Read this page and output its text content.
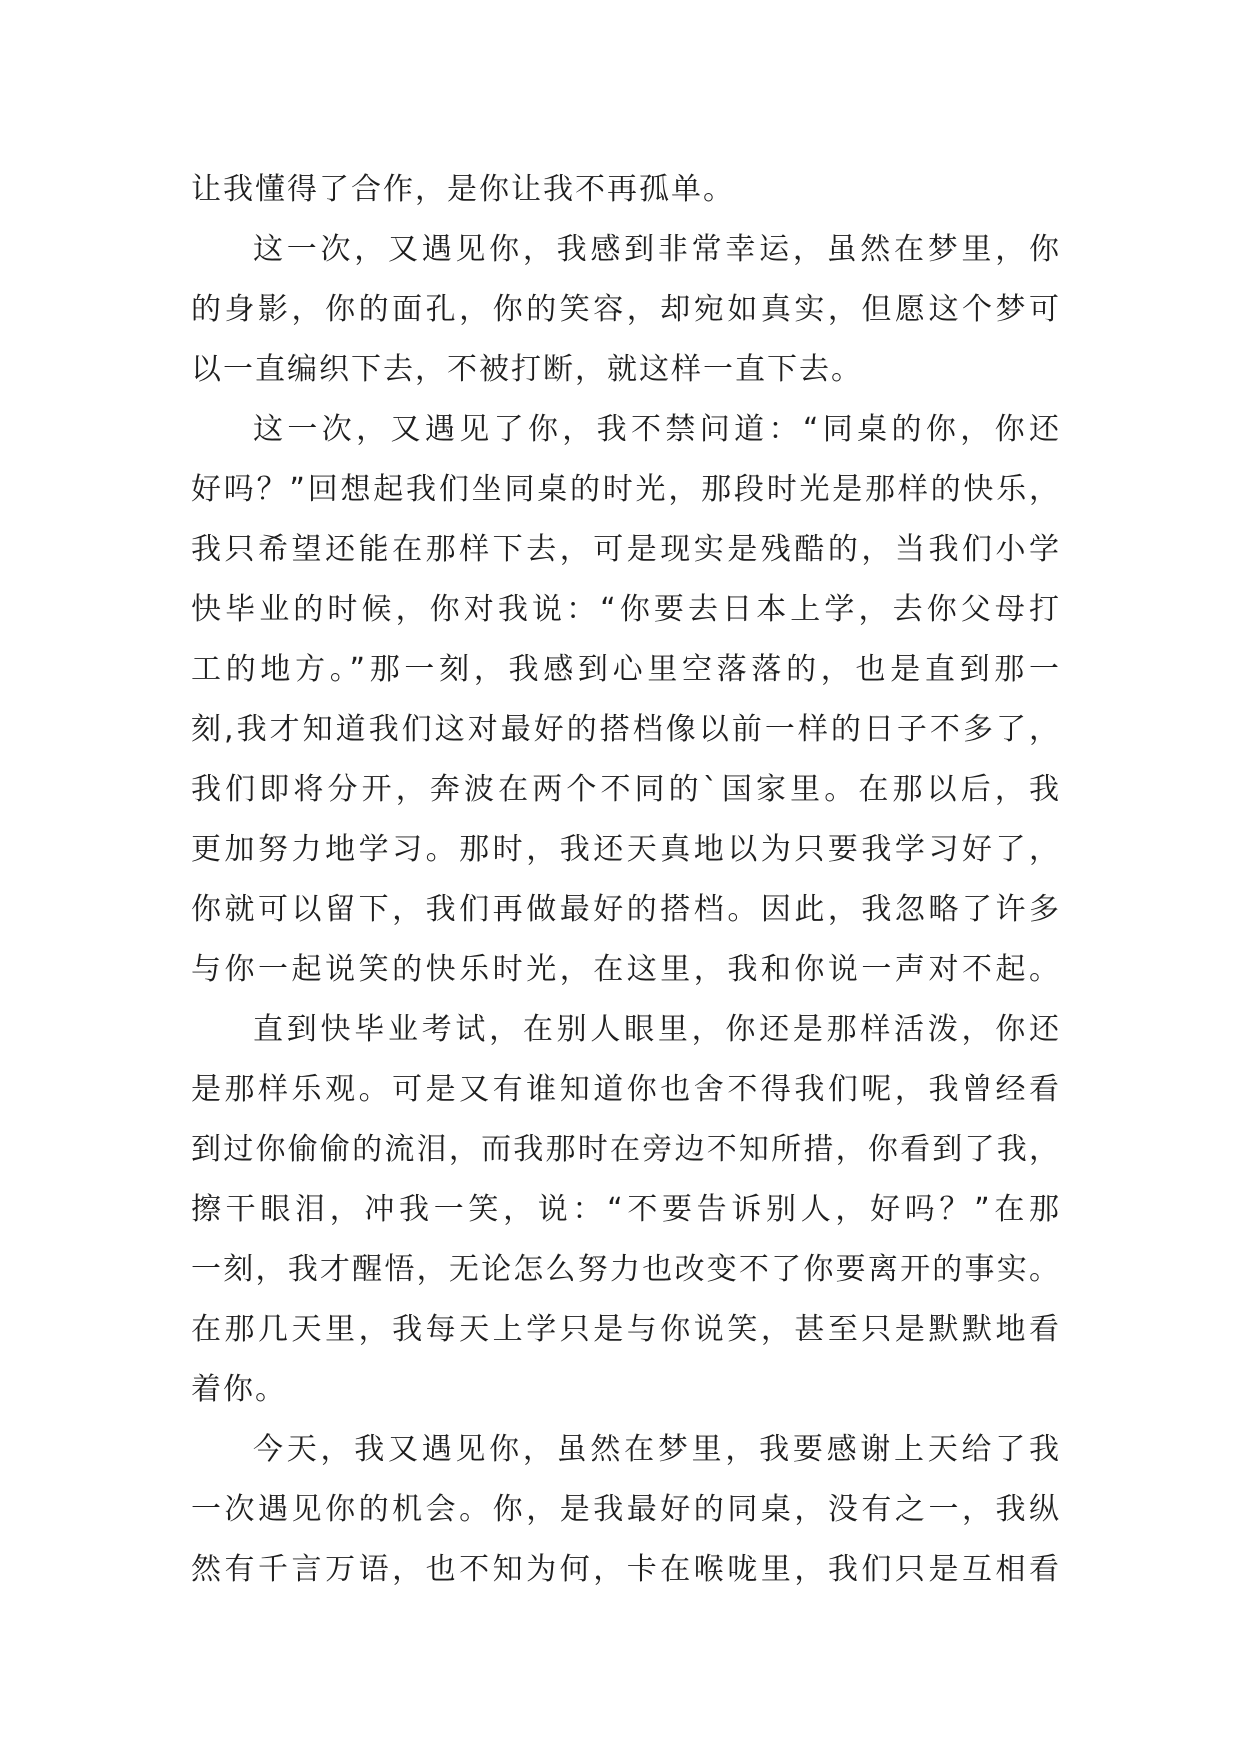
让我懂得了合作，是你让我不再孤单。
这一次，又遇见你，我感到非常幸运，虽然在梦里，你
的身影，你的面孔，你的笑容，却宛如真实，但愿这个梦可
以一直编织下去，不被打断，就这样一直下去。
这一次，又遇见了你，我不禁问道：“同桌的你，你还
好吗？”回想起我们坐同桌的时光，那段时光是那样的快乐，
我只希望还能在那样下去，可是现实是残酷的，当我们小学
快毕业的时候，你对我说：“你要去日本上学，去你父母打
工的地方。”那一刻，我感到心里空落落的，也是直到那一
刻,我才知道我们这对最好的搭档像以前一样的日子不多了，
我们即将分开，奔波在两个不同的`国家里。在那以后，我
更加努力地学习。那时，我还天真地以为只要我学习好了，
你就可以留下，我们再做最好的搭档。因此，我忽略了许多
与你一起说笑的快乐时光，在这里，我和你说一声对不起。
直到快毕业考试，在别人眼里，你还是那样活泼，你还
是那样乐观。可是又有谁知道你也舍不得我们呢，我曾经看
到过你偷偷的流泪，而我那时在旁边不知所措，你看到了我，
擦干眼泪，冲我一笑，说：“不要告诉别人，好吗？”在那
一刻，我才醒悟，无论怎么努力也改变不了你要离开的事实。
在那几天里，我每天上学只是与你说笑，甚至只是默默地看
着你。
今天，我又遇见你，虽然在梦里，我要感谢上天给了我
一次遇见你的机会。你，是我最好的同桌，没有之一，我纵
然有千言万语，也不知为何，卡在喉咙里，我们只是互相看
